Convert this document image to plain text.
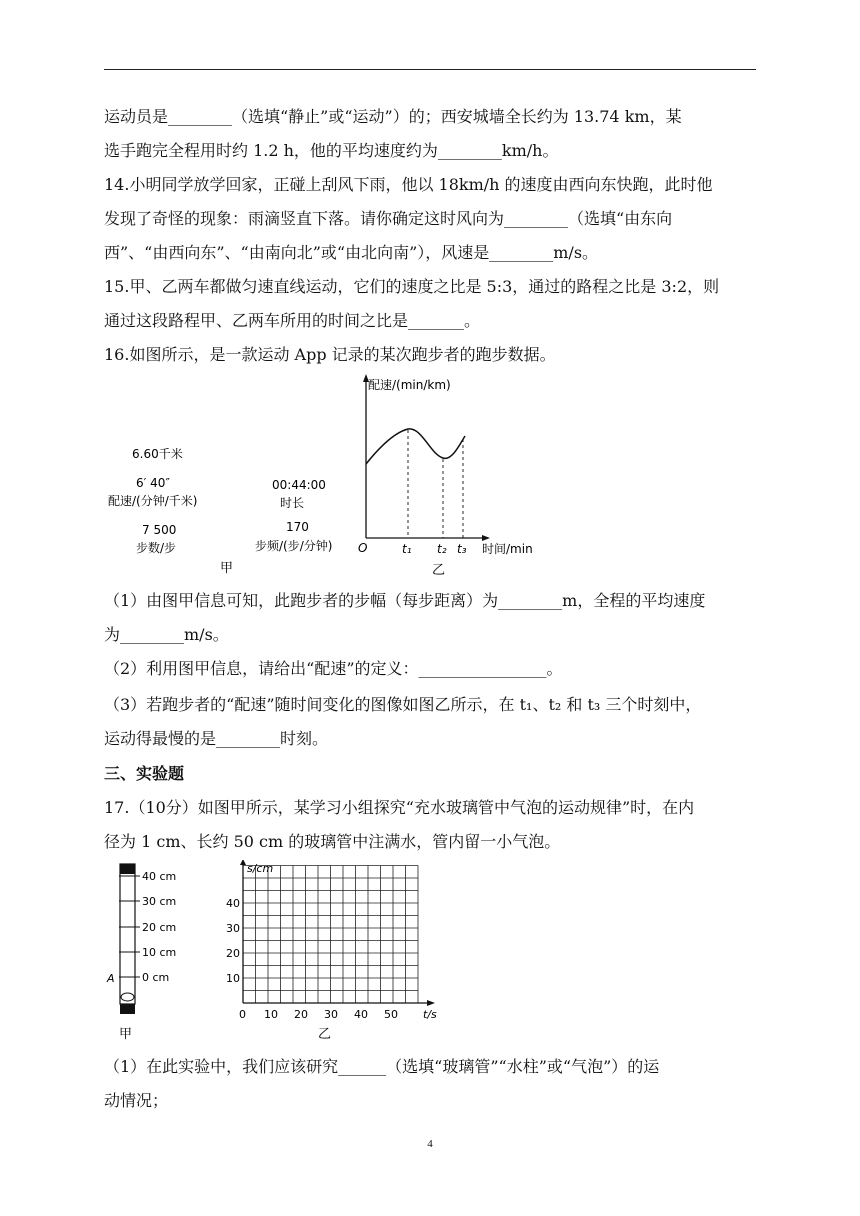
运动员是________（选填“静止”或“运动”）的；西安城墙全长约为 13.74 km，某
选手跑完全程用时约 1.2 h，他的平均速度约为________km/h。
14.小明同学放学回家，正碰上刮风下雨，他以 18km/h 的速度由西向东快跑，此时他
发现了奇怪的现象：雨滴竖直下落。请你确定这时风向为________（选填“由东向
西”、“由西向东”、“由南向北”或“由北向南”），风速是________m/s。
15.甲、乙两车都做匀速直线运动，它们的速度之比是 5:3，通过的路程之比是 3:2，则
通过这段路程甲、乙两车所用的时间之比是_______。
16.如图所示，是一款运动 App 记录的某次跑步者的跑步数据。
6.60千米
6′ 40″
配速/(分钟/千米)
7 500
步数/步
00:44:00
时长
170
步频/(步/分钟)
甲
配速/(min/km)
O	t₁ t₂ t₃ 时间/min
乙
（1）由图甲信息可知，此跑步者的步幅（每步距离）为________m，全程的平均速度
为________m/s。
（2）利用图甲信息，请给出“配速”的定义：________________。
（3）若跑步者的“配速”随时间变化的图像如图乙所示，在 t₁、t₂ 和 t₃ 三个时刻中，
运动得最慢的是________时刻。
三、实验题
17.（10分）如图甲所示，某学习小组探究“充水玻璃管中气泡的运动规律”时，在内
径为 1 cm、长约 50 cm 的玻璃管中注满水，管内留一小气泡。
40 cm
30 cm
20 cm
10 cm
0 cm
A
甲
s/cm
40
30
20
10
0 10 20 30 40 50 t/s
乙
（1）在此实验中，我们应该研究______（选填“玻璃管”“水柱”或“气泡”）的运
动情况；
4
